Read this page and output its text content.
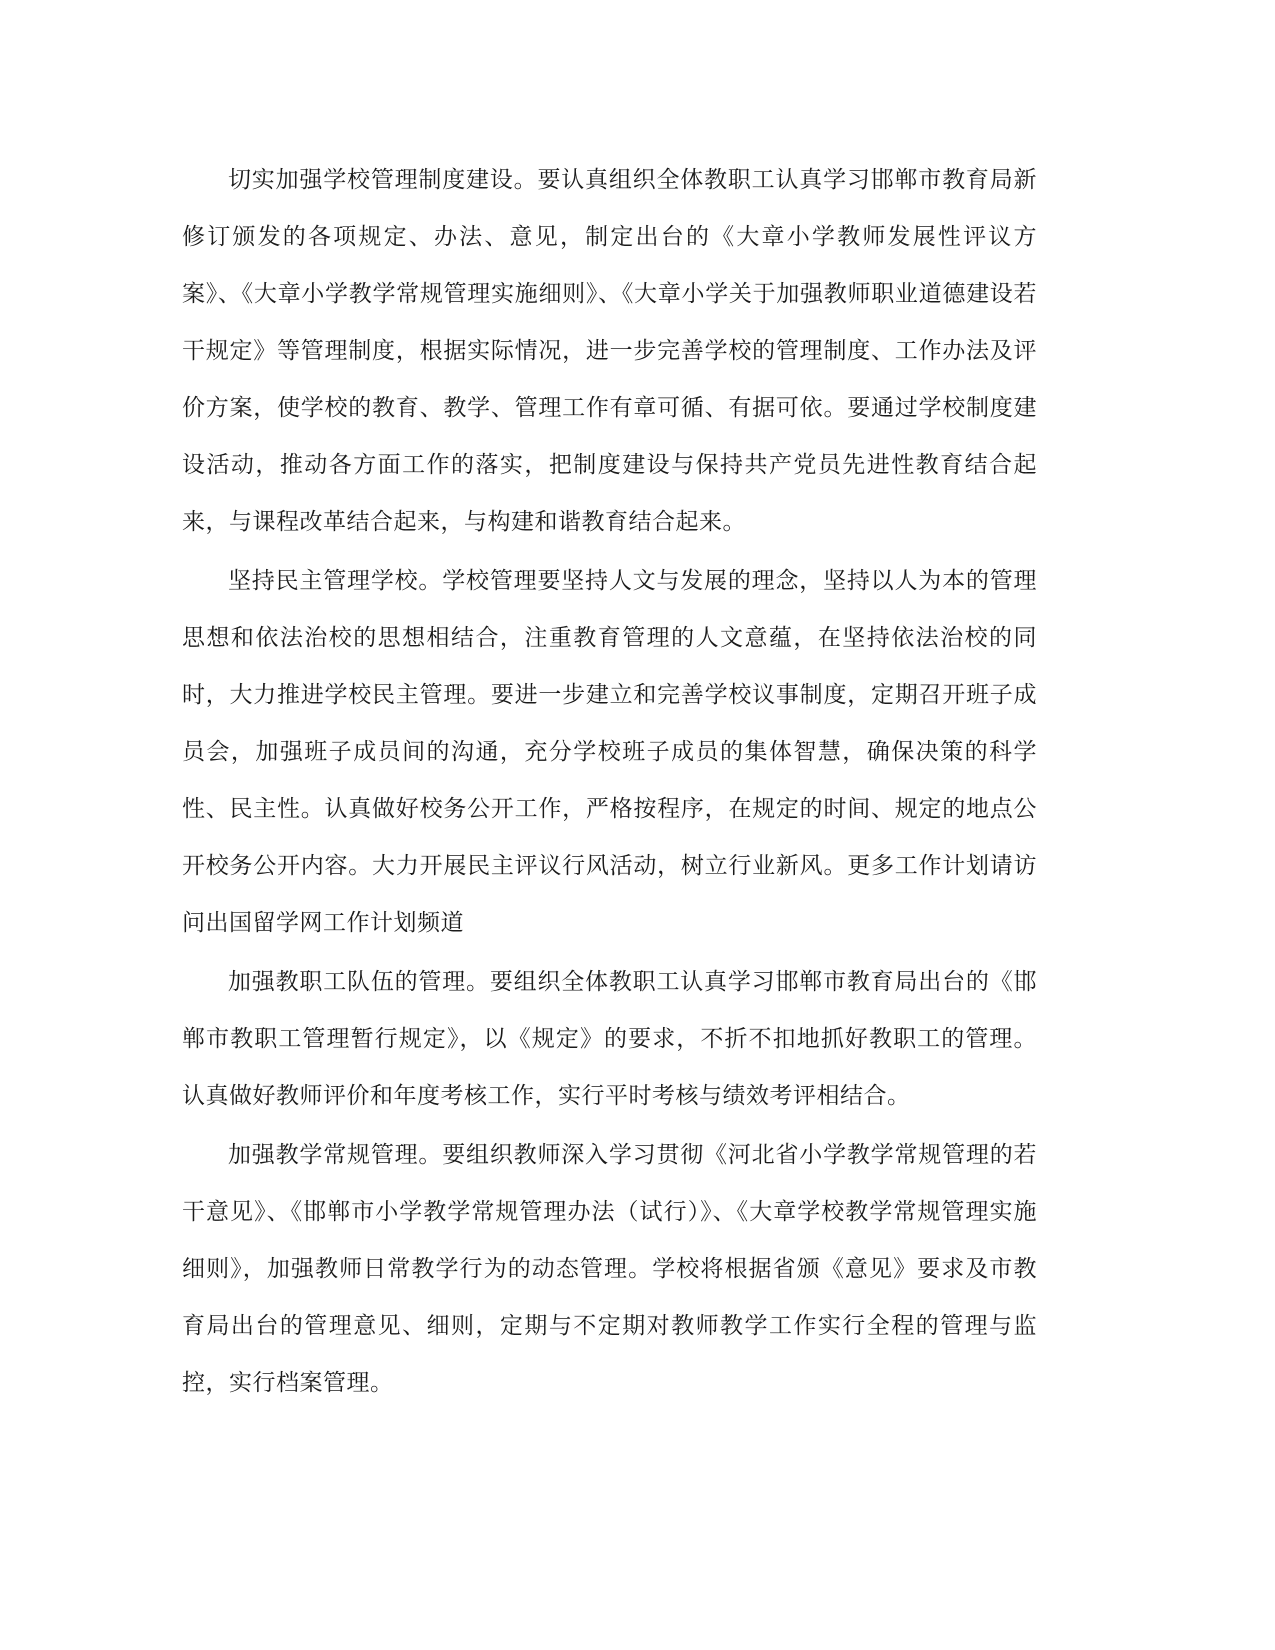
切实加强学校管理制度建设。要认真组织全体教职工认真学习邯郸市教育局新修订颁发的各项规定、办法、意见，制定出台的《大章小学教师发展性评议方案》、《大章小学教学常规管理实施细则》、《大章小学关于加强教师职业道德建设若干规定》等管理制度，根据实际情况，进一步完善学校的管理制度、工作办法及评价方案，使学校的教育、教学、管理工作有章可循、有据可依。要通过学校制度建设活动，推动各方面工作的落实，把制度建设与保持共产党员先进性教育结合起来，与课程改革结合起来，与构建和谐教育结合起来。

坚持民主管理学校。学校管理要坚持人文与发展的理念，坚持以人为本的管理思想和依法治校的思想相结合，注重教育管理的人文意蕴，在坚持依法治校的同时，大力推进学校民主管理。要进一步建立和完善学校议事制度，定期召开班子成员会，加强班子成员间的沟通，充分学校班子成员的集体智慧，确保决策的科学性、民主性。认真做好校务公开工作，严格按程序，在规定的时间、规定的地点公开校务公开内容。大力开展民主评议行风活动，树立行业新风。更多工作计划请访问出国留学网工作计划频道

加强教职工队伍的管理。要组织全体教职工认真学习邯郸市教育局出台的《邯郸市教职工管理暂行规定》，以《规定》的要求，不折不扣地抓好教职工的管理。认真做好教师评价和年度考核工作，实行平时考核与绩效考评相结合。

加强教学常规管理。要组织教师深入学习贯彻《河北省小学教学常规管理的若干意见》、《邯郸市小学教学常规管理办法（试行）》、《大章学校教学常规管理实施细则》，加强教师日常教学行为的动态管理。学校将根据省颁《意见》要求及市教育局出台的管理意见、细则，定期与不定期对教师教学工作实行全程的管理与监控，实行档案管理。
